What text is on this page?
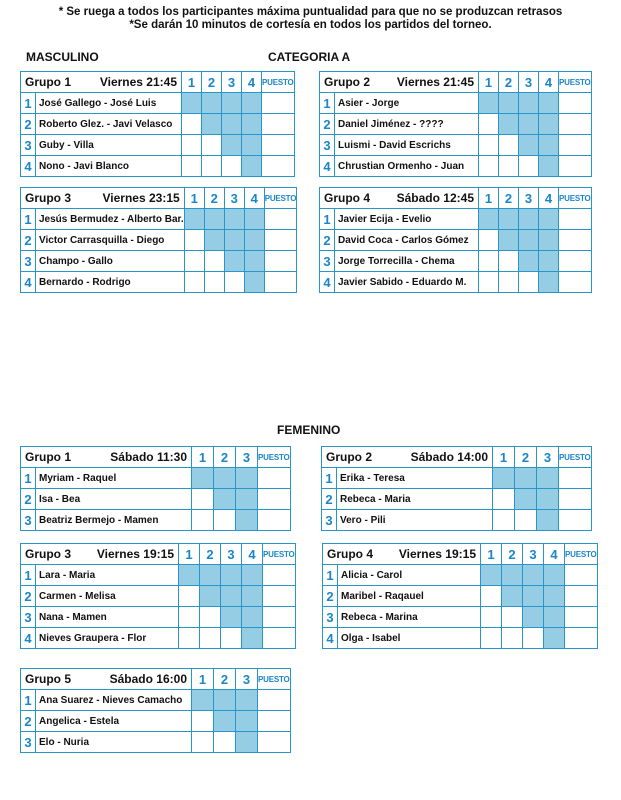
* Se ruega a todos los participantes máxima puntualidad para que no se produzcan retrasos
*Se darán 10 minutos de cortesía en todos los partidos del torneo.
MASCULINO	CATEGORIA A
FEMENINO
Grupo 1 Viernes 21:45		1	2	3	4	PUESTO
1	José Gallego - José Luis					
2	Roberto Glez. - Javi Velasco					
3	Guby - Villa					
4	Nono - Javi Blanco					
Grupo 2 Viernes 21:45		1	2	3	4	PUESTO
1	Asier - Jorge					
2	Daniel Jiménez - ????					
3	Luismi - David Escrichs					
4	Chrustian Ormenho - Juan					
Grupo 3 Viernes 23:15		1	2	3	4	PUESTO
1	Jesús Bermudez - Alberto Bar.					
2	Victor Carrasquilla - Diego					
3	Champo - Gallo					
4	Bernardo - Rodrigo					
Grupo 4 Sábado 12:45		1	2	3	4	PUESTO
1	Javier Ecija - Evelio					
2	David Coca - Carlos Gómez					
3	Jorge Torrecilla - Chema					
4	Javier Sabido - Eduardo M.					
Grupo 1 Sábado 11:30		1	2	3	PUESTO
1	Myriam - Raquel				
2	Isa - Bea				
3	Beatriz Bermejo - Mamen				
Grupo 2 Sábado 14:00		1	2	3	PUESTO
1	Erika - Teresa				
2	Rebeca - Maria				
3	Vero - Pili				
Grupo 3 Viernes 19:15		1	2	3	4	PUESTO
1	Lara - Maria					
2	Carmen - Melisa					
3	Nana - Mamen					
4	Nieves Graupera - Flor					
Grupo 4 Viernes 19:15		1	2	3	4	PUESTO
1	Alicia - Carol					
2	Maribel - Raqauel					
3	Rebeca - Marina					
4	Olga - Isabel					
Grupo 5 Sábado 16:00		1	2	3	PUESTO
1	Ana Suarez - Nieves Camacho				
2	Angelica - Estela				
3	Elo - Nuria				
